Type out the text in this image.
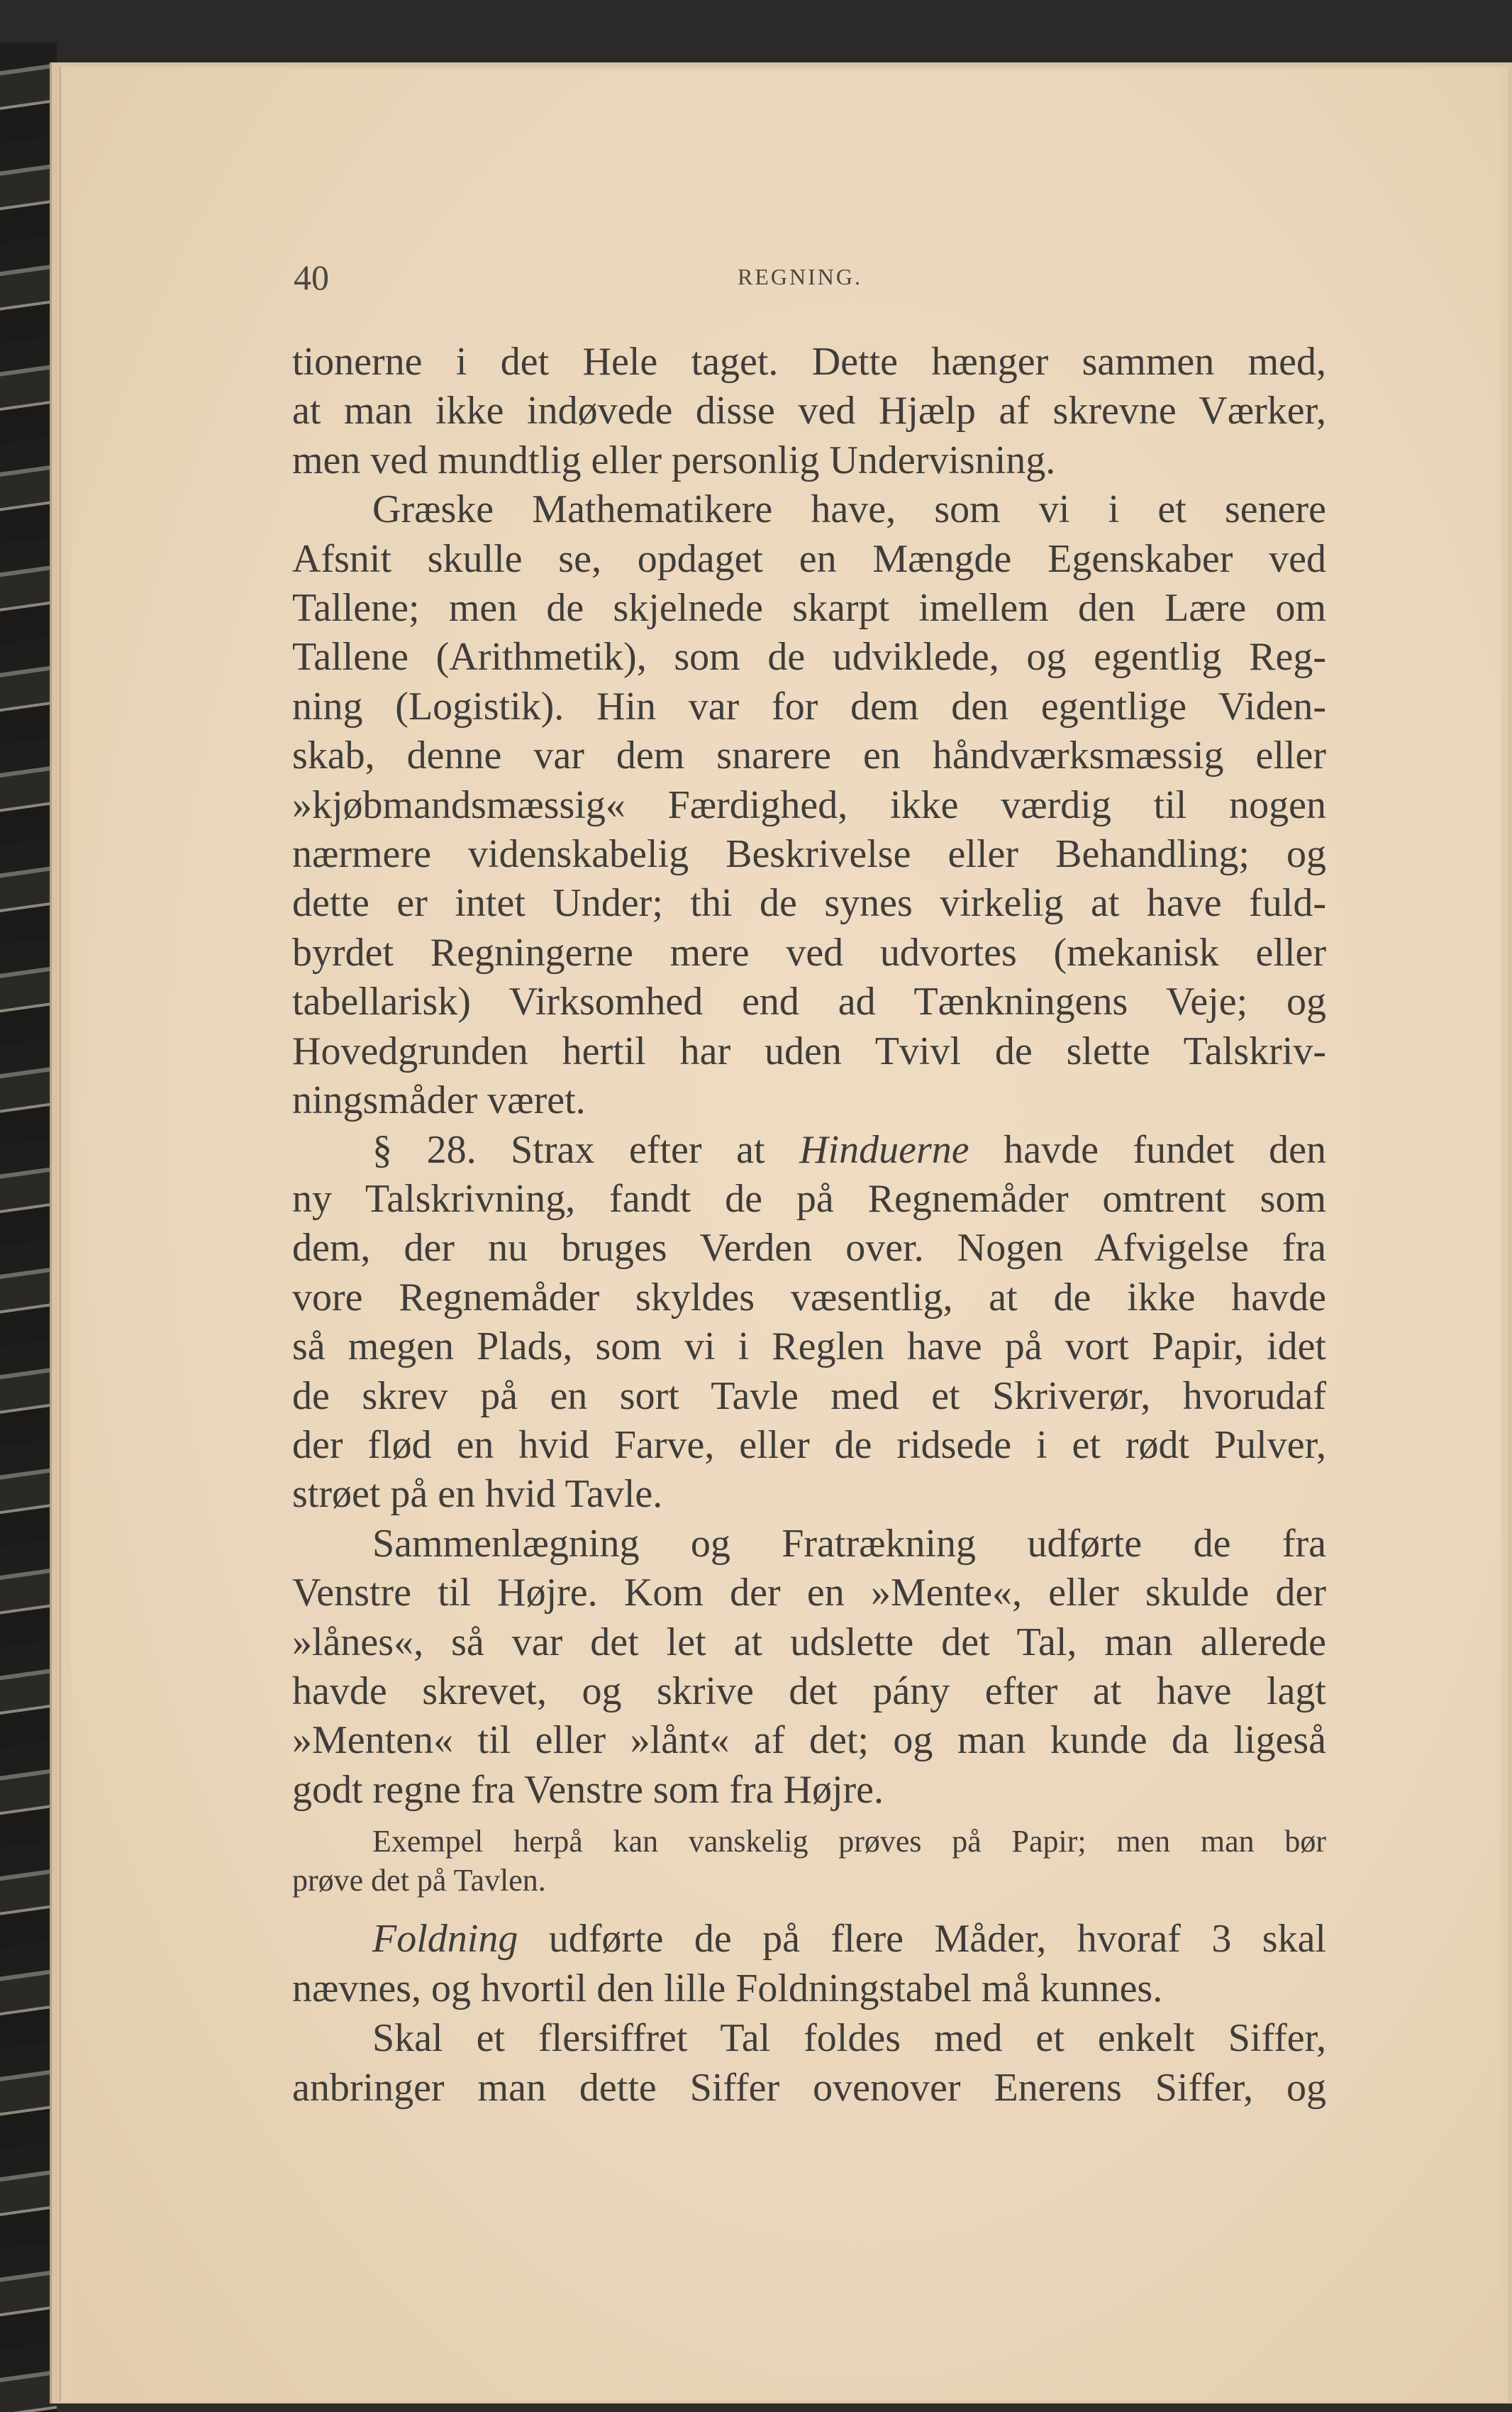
40	REGNING.
tionerne i det Hele taget. Dette hænger sammen med,
at man ikke indøvede disse ved Hjælp af skrevne Værker,
men ved mundtlig eller personlig Undervisning.
Græske Mathematikere have, som vi i et senere
Afsnit skulle se, opdaget en Mængde Egenskaber ved
Tallene; men de skjelnede skarpt imellem den Lære om
Tallene (Arithmetik), som de udviklede, og egentlig Reg-
ning (Logistik). Hin var for dem den egentlige Viden-
skab, denne var dem snarere en håndværksmæssig eller
»kjøbmandsmæssig« Færdighed, ikke værdig til nogen
nærmere videnskabelig Beskrivelse eller Behandling; og
dette er intet Under; thi de synes virkelig at have fuld-
byrdet Regningerne mere ved udvortes (mekanisk eller
tabellarisk) Virksomhed end ad Tænkningens Veje; og
Hovedgrunden hertil har uden Tvivl de slette Talskriv-
ningsmåder været.
§ 28. Strax efter at Hinduerne havde fundet den
ny Talskrivning, fandt de på Regnemåder omtrent som
dem, der nu bruges Verden over. Nogen Afvigelse fra
vore Regnemåder skyldes væsentlig, at de ikke havde
så megen Plads, som vi i Reglen have på vort Papir, idet
de skrev på en sort Tavle med et Skriverør, hvorudaf
der flød en hvid Farve, eller de ridsede i et rødt Pulver,
strøet på en hvid Tavle.
Sammenlægning og Fratrækning udførte de fra
Venstre til Højre. Kom der en »Mente«, eller skulde der
»lånes«, så var det let at udslette det Tal, man allerede
havde skrevet, og skrive det pány efter at have lagt
»Menten« til eller »lånt« af det; og man kunde da ligeså
godt regne fra Venstre som fra Højre.
Exempel herpå kan vanskelig prøves på Papir; men man bør
prøve det på Tavlen.
Foldning udførte de på flere Måder, hvoraf 3 skal
nævnes, og hvortil den lille Foldningstabel må kunnes.
Skal et flersiffret Tal foldes med et enkelt Siffer,
anbringer man dette Siffer ovenover Enerens Siffer, og
